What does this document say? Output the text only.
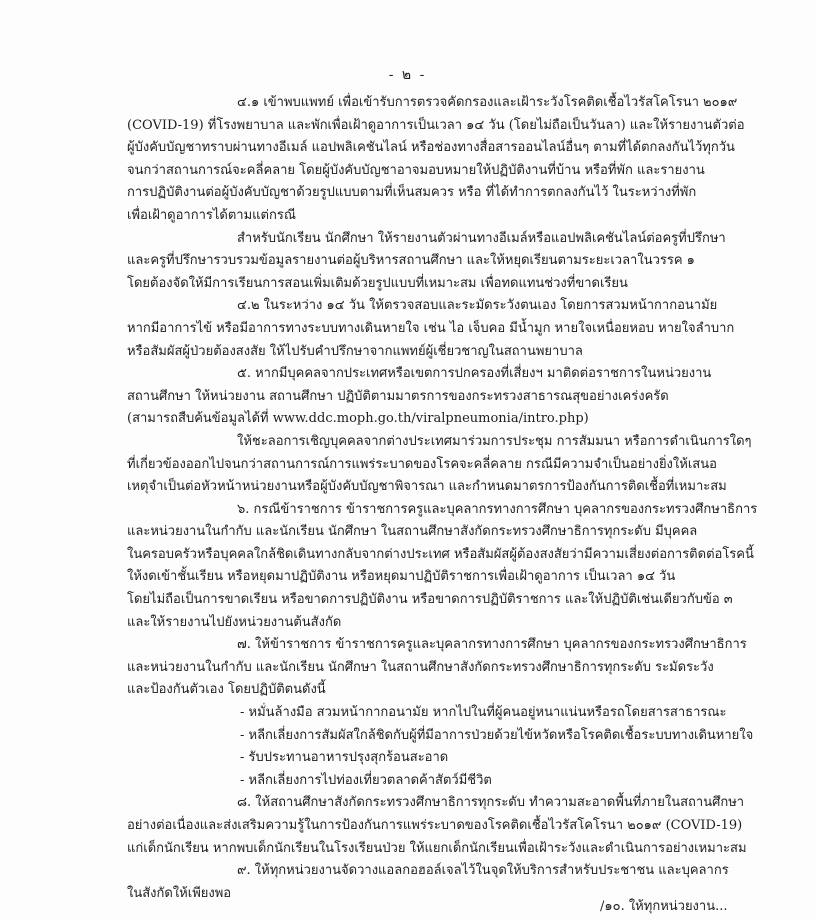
- ๒ -
๔.๑ เข้าพบแพทย์ เพื่อเข้ารับการตรวจคัดกรองและเฝ้าระวังโรคติดเชื้อไวรัสโคโรนา ๒๐๑๙
(COVID-19) ที่โรงพยาบาล และพักเพื่อเฝ้าดูอาการเป็นเวลา ๑๔ วัน (โดยไม่ถือเป็นวันลา) และให้รายงานตัวต่อ
ผู้บังคับบัญชาทราบผ่านทางอีเมล์ แอปพลิเคชันไลน์ หรือช่องทางสื่อสารออนไลน์อื่นๆ ตามที่ได้ตกลงกันไว้ทุกวัน
จนกว่าสถานการณ์จะคลี่คลาย โดยผู้บังคับบัญชาอาจมอบหมายให้ปฏิบัติงานที่บ้าน หรือที่พัก และรายงาน
การปฏิบัติงานต่อผู้บังคับบัญชาด้วยรูปแบบตามที่เห็นสมควร หรือ ที่ได้ทำการตกลงกันไว้ ในระหว่างที่พัก
เพื่อเฝ้าดูอาการได้ตามแต่กรณี
สำหรับนักเรียน นักศึกษา ให้รายงานตัวผ่านทางอีเมล์หรือแอปพลิเคชันไลน์ต่อครูที่ปรึกษา
และครูที่ปรึกษารวบรวมข้อมูลรายงานต่อผู้บริหารสถานศึกษา และให้หยุดเรียนตามระยะเวลาในวรรค ๑
โดยต้องจัดให้มีการเรียนการสอนเพิ่มเติมด้วยรูปแบบที่เหมาะสม เพื่อทดแทนช่วงที่ขาดเรียน
๔.๒ ในระหว่าง ๑๔ วัน ให้ตรวจสอบและระมัดระวังตนเอง โดยการสวมหน้ากากอนามัย
หากมีอาการไข้ หรือมีอาการทางระบบทางเดินหายใจ เช่น ไอ เจ็บคอ มีน้ำมูก หายใจเหนื่อยหอบ หายใจลำบาก
หรือสัมผัสผู้ป่วยต้องสงสัย ให้ไปรับคำปรึกษาจากแพทย์ผู้เชี่ยวชาญในสถานพยาบาล
๕. หากมีบุคคลจากประเทศหรือเขตการปกครองที่เสี่ยงฯ มาติดต่อราชการในหน่วยงาน
สถานศึกษา ให้หน่วยงาน สถานศึกษา ปฏิบัติตามมาตรการของกระทรวงสาธารณสุขอย่างเคร่งครัด
(สามารถสืบค้นข้อมูลได้ที่ www.ddc.moph.go.th/viralpneumonia/intro.php)
ให้ชะลอการเชิญบุคคลจากต่างประเทศมาร่วมการประชุม การสัมมนา หรือการดำเนินการใดๆ
ที่เกี่ยวข้องออกไปจนกว่าสถานการณ์การแพร่ระบาดของโรคจะคลี่คลาย กรณีมีความจำเป็นอย่างยิ่งให้เสนอ
เหตุจำเป็นต่อหัวหน้าหน่วยงานหรือผู้บังคับบัญชาพิจารณา และกำหนดมาตรการป้องกันการติดเชื้อที่เหมาะสม
๖. กรณีข้าราชการ ข้าราชการครูและบุคลากรทางการศึกษา บุคลากรของกระทรวงศึกษาธิการ
และหน่วยงานในกำกับ และนักเรียน นักศึกษา ในสถานศึกษาสังกัดกระทรวงศึกษาธิการทุกระดับ มีบุคคล
ในครอบครัวหรือบุคคลใกล้ชิดเดินทางกลับจากต่างประเทศ หรือสัมผัสผู้ต้องสงสัยว่ามีความเสี่ยงต่อการติดต่อโรคนี้
ให้งดเข้าชั้นเรียน หรือหยุดมาปฏิบัติงาน หรือหยุดมาปฏิบัติราชการเพื่อเฝ้าดูอาการ เป็นเวลา ๑๔ วัน
โดยไม่ถือเป็นการขาดเรียน หรือขาดการปฏิบัติงาน หรือขาดการปฏิบัติราชการ และให้ปฏิบัติเช่นเดียวกับข้อ ๓
และให้รายงานไปยังหน่วยงานต้นสังกัด
๗. ให้ข้าราชการ ข้าราชการครูและบุคลากรทางการศึกษา บุคลากรของกระทรวงศึกษาธิการ
และหน่วยงานในกำกับ และนักเรียน นักศึกษา ในสถานศึกษาสังกัดกระทรวงศึกษาธิการทุกระดับ ระมัดระวัง
และป้องกันตัวเอง โดยปฏิบัติตนดังนี้
- หมั่นล้างมือ สวมหน้ากากอนามัย หากไปในที่ผู้คนอยู่หนาแน่นหรือรถโดยสารสาธารณะ
- หลีกเลี่ยงการสัมผัสใกล้ชิดกับผู้ที่มีอาการป่วยด้วยไข้หวัดหรือโรคติดเชื้อระบบทางเดินหายใจ
- รับประทานอาหารปรุงสุกร้อนสะอาด
- หลีกเลี่ยงการไปท่องเที่ยวตลาดค้าสัตว์มีชีวิต
๘. ให้สถานศึกษาสังกัดกระทรวงศึกษาธิการทุกระดับ ทำความสะอาดพื้นที่ภายในสถานศึกษา
อย่างต่อเนื่องและส่งเสริมความรู้ในการป้องกันการแพร่ระบาดของโรคติดเชื้อไวรัสโคโรนา ๒๐๑๙ (COVID-19)
แก่เด็กนักเรียน หากพบเด็กนักเรียนในโรงเรียนป่วย ให้แยกเด็กนักเรียนเพื่อเฝ้าระวังและดำเนินการอย่างเหมาะสม
๙. ให้ทุกหน่วยงานจัดวางแอลกอฮอล์เจลไว้ในจุดให้บริการสำหรับประชาชน และบุคลากร
ในสังกัดให้เพียงพอ
/๑๐. ให้ทุกหน่วยงาน...
